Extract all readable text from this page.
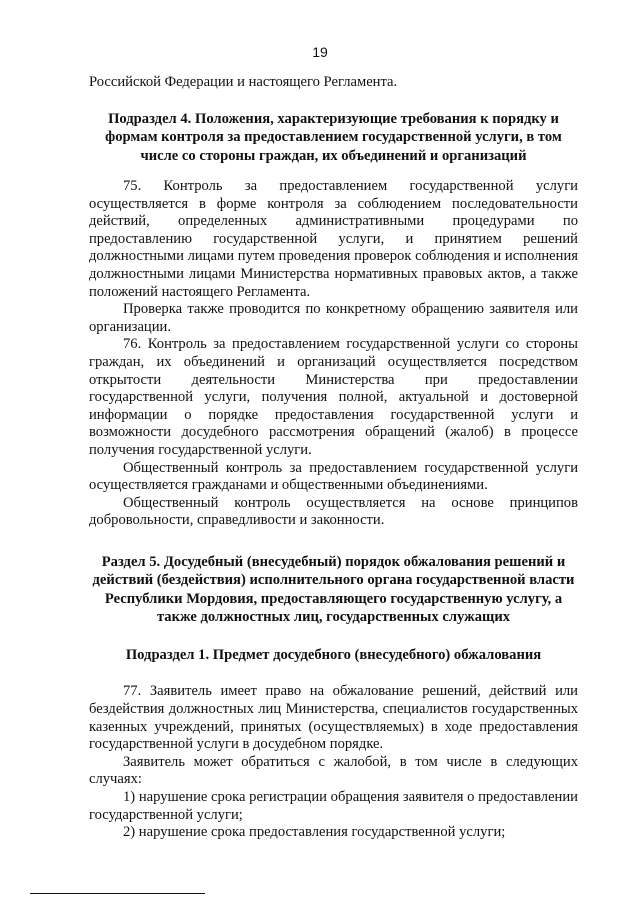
19

Российской Федерации и настоящего Регламента.

Подраздел 4. Положения, характеризующие требования к порядку и формам контроля за предоставлением государственной услуги, в том числе со стороны граждан, их объединений и организаций

75. Контроль за предоставлением государственной услуги осуществляется в форме контроля за соблюдением последовательности действий, определенных административными процедурами по предоставлению государственной услуги, и принятием решений должностными лицами путем проведения проверок соблюдения и исполнения должностными лицами Министерства нормативных правовых актов, а также положений настоящего Регламента.

Проверка также проводится по конкретному обращению заявителя или организации.

76. Контроль за предоставлением государственной услуги со стороны граждан, их объединений и организаций осуществляется посредством открытости деятельности Министерства при предоставлении государственной услуги, получения полной, актуальной и достоверной информации о порядке предоставления государственной услуги и возможности досудебного рассмотрения обращений (жалоб) в процессе получения государственной услуги.

Общественный контроль за предоставлением государственной услуги осуществляется гражданами и общественными объединениями.

Общественный контроль осуществляется на основе принципов добровольности, справедливости и законности.

Раздел 5. Досудебный (внесудебный) порядок обжалования решений и действий (бездействия) исполнительного органа государственной власти Республики Мордовия, предоставляющего государственную услугу, а также должностных лиц, государственных служащих

Подраздел 1. Предмет досудебного (внесудебного) обжалования

77. Заявитель имеет право на обжалование решений, действий или бездействия должностных лиц Министерства, специалистов государственных казенных учреждений, принятых (осуществляемых) в ходе предоставления государственной услуги в досудебном порядке.

Заявитель может обратиться с жалобой, в том числе в следующих случаях:

1) нарушение срока регистрации обращения заявителя о предоставлении государственной услуги;

2) нарушение срока предоставления государственной услуги;
